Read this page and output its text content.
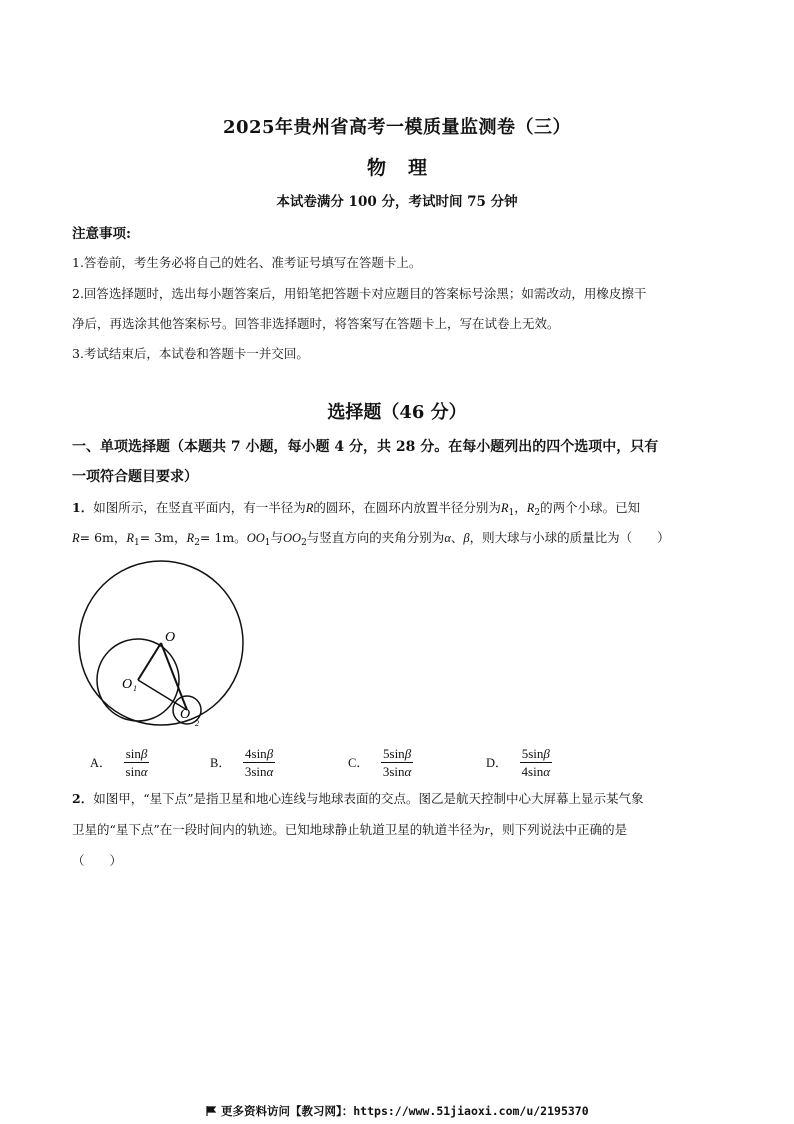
2025年贵州省高考一模质量监测卷（三）
物理
本试卷满分 100 分，考试时间 75 分钟
注意事项:
1.答卷前，考生务必将自己的姓名、准考证号填写在答题卡上。
2.回答选择题时，选出每小题答案后，用铅笔把答题卡对应题目的答案标号涂黑；如需改动，用橡皮擦干
净后，再选涂其他答案标号。回答非选择题时，将答案写在答题卡上，写在试卷上无效。
3.考试结束后，本试卷和答题卡一并交回。
选择题（46 分）
一、单项选择题（本题共 7 小题，每小题 4 分，共 28 分。在每小题列出的四个选项中，只有
一项符合题目要求）
1．如图所示，在竖直平面内，有一半径为R的圆环，在圆环内放置半径分别为$R_1$，$R_2$的两个小球。已知
R= 6m，$R_1= 3m$，$R_2= 1m$。$OO_1$与$OO_2$与竖直方向的夹角分别为α、β，则大球与小球的质量比为（　　）
O
O 1
O
2
A． $\frac{\sin\beta}{\sin\alpha}$	B． $\frac{4\sin\beta}{3\sin\alpha}$	C． $\frac{5\sin\beta}{3\sin\alpha}$	D． $\frac{5\sin\beta}{4\sin\alpha}$
2．如图甲，“星下点”是指卫星和地心连线与地球表面的交点。图乙是航天控制中心大屏幕上显示某气象
卫星的“星下点”在一段时间内的轨迹。已知地球静止轨道卫星的轨道半径为r，则下列说法中正确的是
（　　）
更多资料访问【教习网】：https://www.51jiaoxi.com/u/2195370
